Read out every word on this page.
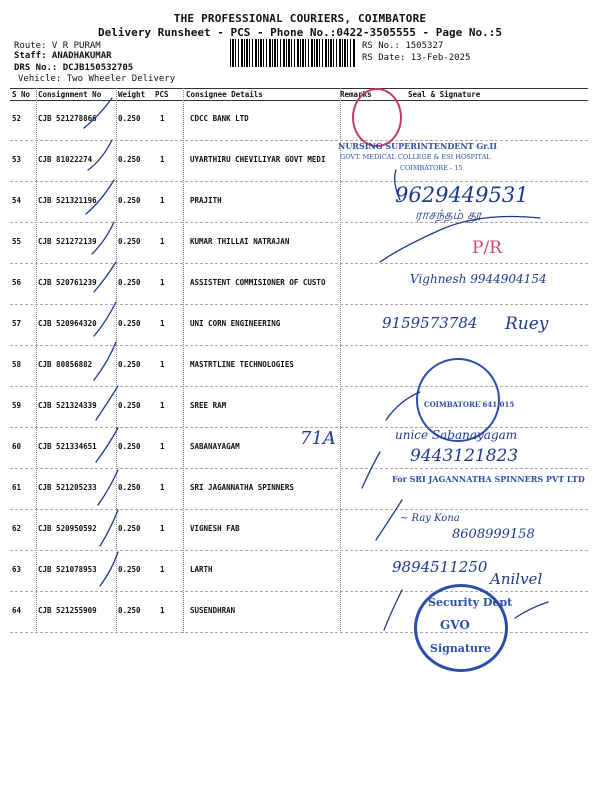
THE PROFESSIONAL COURIERS, COIMBATORE
Delivery Runsheet - PCS - Phone No.:0422-3505555 - Page No.:5
Route: V R PURAM
Staff: ANADHAKUMAR
DRS No.: DCJB150532705
Vehicle: Two Wheeler Delivery
RS No.: 1505327
RS Date: 13-Feb-2025
S No Consignment No Weight PCS Consignee Details	Remarks	Seal & Signature
52 CJB 521278866	0.250	1	CDCC BANK LTD
53 CJB 81022274	0.250	1	UYARTHIRU CHEVILIYAR GOVT MEDI
54 CJB 521321196	0.250	1	PRAJITH
55 CJB 521272139	0.250	1	KUMAR THILLAI NATRAJAN
56 CJB 520761239	0.250	1	ASSISTENT COMMISIONER OF CUSTO
57 CJB 520964320	0.250	1	UNI CORN ENGINEERING
58 CJB 80856882	0.250	1	MASTRTLINE TECHNOLOGIES
59 CJB 521324339	0.250	1	SREE RAM
60 CJB 521334651	0.250	1	SABANAYAGAM
61 CJB 521205233	0.250	1	SRI JAGANNATHA SPINNERS
62 CJB 520950592	0.250	1	VIGNESH FAB
63 CJB 521078953	0.250	1	LARTH
64 CJB 521255909	0.250	1	SUSENDHRAN
NURSING SUPERINTENDENT Gr.II
GOVT. MEDICAL COLLEGE & ESI HOSPITAL
COIMBATORE - 15
9629449531
ராசந்தம் தூ
P/R
Vighnesh 9944904154
9159573784 Ruey
COIMBATORE 641 015
71A	unice Sabanayagam
9443121823
For SRI JAGANNATHA SPINNERS PVT LTD
~ Ray Kona
8608999158
9894511250
Anilvel
Security Dept
GVO
Signature
